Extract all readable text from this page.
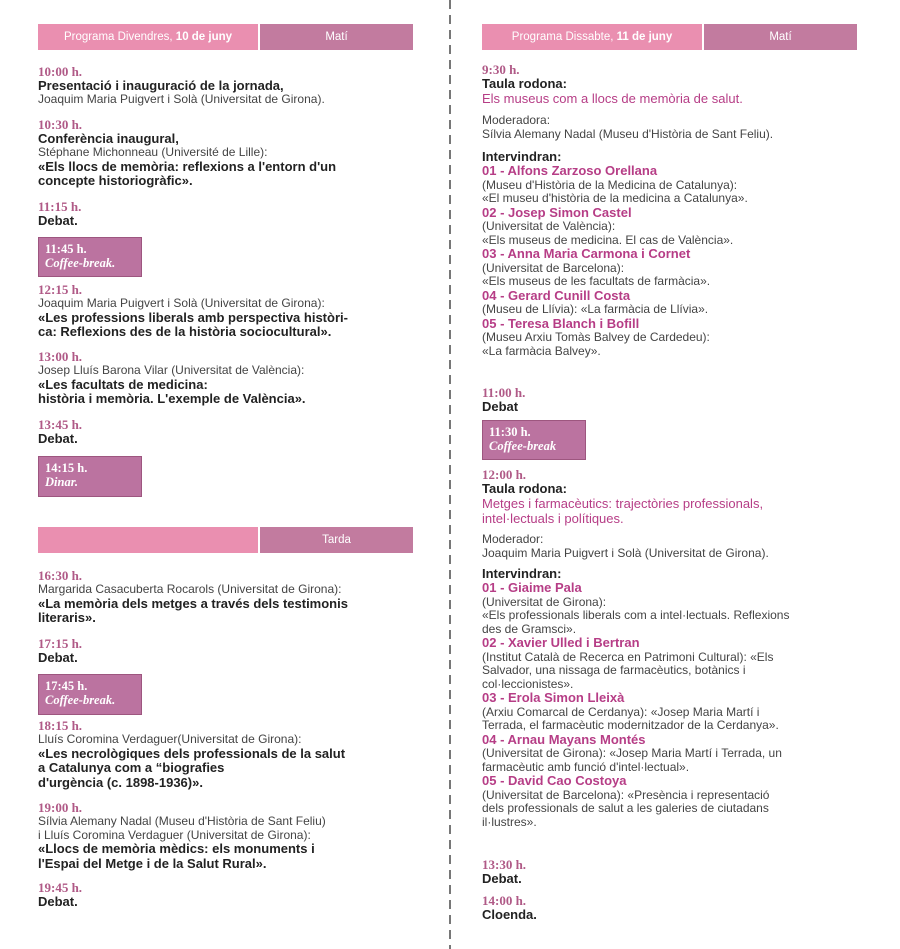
Programa Divendres, 10 de juny	Matí
10:00 h.
Presentació i inauguració de la jornada,
Joaquim Maria Puigvert i Solà (Universitat de Girona).
10:30 h.
Conferència inaugural,
Stéphane Michonneau (Université de Lille):
«Els llocs de memòria: reflexions a l'entorn d'un
concepte historiogràfic».
11:15 h.
Debat.
11:45 h.
Coffee-break.
12:15 h.
Joaquim Maria Puigvert i Solà (Universitat de Girona):
«Les professions liberals amb perspectiva històri-
ca: Reflexions des de la història sociocultural».
13:00 h.
Josep Lluís Barona Vilar (Universitat de València):
«Les facultats de medicina:
història i memòria. L'exemple de València».
13:45 h.
Debat.
14:15 h.
Dinar.
Tarda
16:30 h.
Margarida Casacuberta Rocarols (Universitat de Girona):
«La memòria dels metges a través dels testimonis
literaris».
17:15 h.
Debat.
17:45 h.
Coffee-break.
18:15 h.
Lluís Coromina Verdaguer(Universitat de Girona):
«Les necrològiques dels professionals de la salut
a Catalunya com a “biografies
d'urgència (c. 1898-1936)».
19:00 h.
Sílvia Alemany Nadal (Museu d'Història de Sant Feliu)
i Lluís Coromina Verdaguer (Universitat de Girona):
«Llocs de memòria mèdics: els monuments i
l'Espai del Metge i de la Salut Rural».
19:45 h.
Debat.
Programa Dissabte, 11 de juny	Matí
9:30 h.
Taula rodona:
Els museus com a llocs de memòria de salut.
Moderadora:
Sílvia Alemany Nadal (Museu d'Història de Sant Feliu).
Intervindran:
01 - Alfons Zarzoso Orellana
(Museu d'Història de la Medicina de Catalunya):
«El museu d'història de la medicina a Catalunya».
02 - Josep Simon Castel
(Universitat de València):
«Els museus de medicina. El cas de València».
03 - Anna Maria Carmona i Cornet
(Universitat de Barcelona):
«Els museus de les facultats de farmàcia».
04 - Gerard Cunill Costa
(Museu de Llívia): «La farmàcia de Llívia».
05 - Teresa Blanch i Bofill
(Museu Arxiu Tomàs Balvey de Cardedeu):
«La farmàcia Balvey».
11:00 h.
Debat
11:30 h.
Coffee-break
12:00 h.
Taula rodona:
Metges i farmacèutics: trajectòries professionals,
intel·lectuals i polítiques.
Moderador:
Joaquim Maria Puigvert i Solà (Universitat de Girona).
Intervindran:
01 - Giaime Pala
(Universitat de Girona):
«Els professionals liberals com a intel·lectuals. Reflexions
des de Gramsci».
02 - Xavier Ulled i Bertran
(Institut Català de Recerca en Patrimoni Cultural): «Els
Salvador, una nissaga de farmacèutics, botànics i
col·leccionistes».
03 - Erola Simon Lleixà
(Arxiu Comarcal de Cerdanya): «Josep Maria Martí i
Terrada, el farmacèutic modernitzador de la Cerdanya».
04 - Arnau Mayans Montés
(Universitat de Girona): «Josep Maria Martí i Terrada, un
farmacèutic amb funció d'intel·lectual».
05 - David Cao Costoya
(Universitat de Barcelona): «Presència i representació
dels professionals de salut a les galeries de ciutadans
il·lustres».
13:30 h.
Debat.
14:00 h.
Cloenda.
